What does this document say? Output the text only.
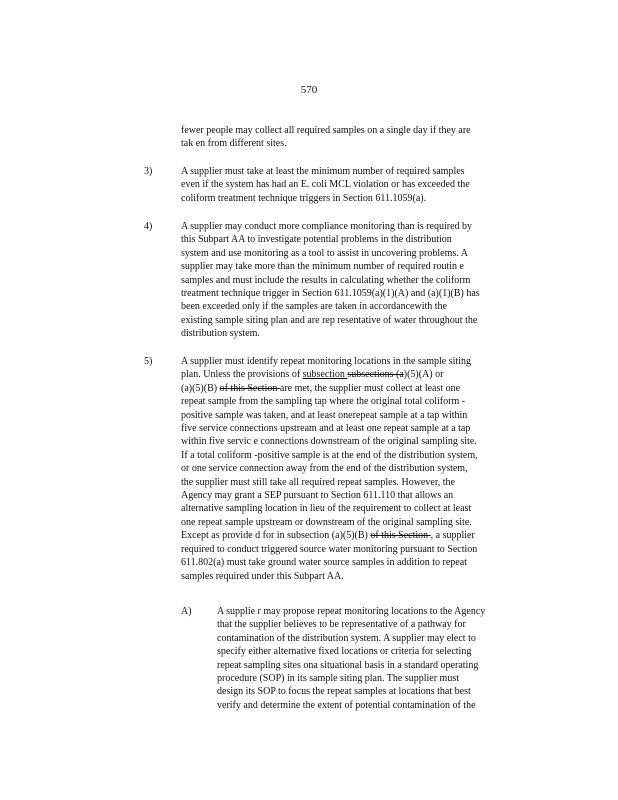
570
fewer people may collect all required samples on a single day if they are
tak en from different sites.
3)	A supplier must take at least the minimum number of required samples
even if the system has had an E. coli MCL violation or has exceeded the
coliform treatment technique triggers in Section 611.1059(a).
4)	A supplier may conduct more compliance monitoring than is required by
this Subpart AA to investigate potential problems in the distribution
system and use monitoring as a tool to assist in uncovering problems. A
supplier may take more than the minimum number of required routin e
samples and must include the results in calculating whether the coliform
treatment technique trigger in Section 611.1059(a)(1)(A) and (a)(1)(B) has
been exceeded only if the samples are taken in accordancewith the
existing sample siting plan and are rep resentative of water throughout the
distribution system.
5)	A supplier must identify repeat monitoring locations in the sample siting
plan. Unless the provisions of subsection subsections (a)(5)(A) or
(a)(5)(B) of this Section are met, the supplier must collect at least one
repeat sample from the sampling tap where the original total coliform -
positive sample was taken, and at least onerepeat sample at a tap within
five service connections upstream and at least one repeat sample at a tap
within five servic e connections downstream of the original sampling site.
If a total coliform -positive sample is at the end of the distribution system,
or one service connection away from the end of the distribution system,
the supplier must still take all required repeat samples. However, the
Agency may grant a SEP pursuant to Section 611.110 that allows an
alternative sampling location in lieu of the requirement to collect at least
one repeat sample upstream or downstream of the original sampling site.
Except as provide d for in subsection (a)(5)(B) of this Section , a supplier
required to conduct triggered source water monitoring pursuant to Section
611.802(a) must take ground water source samples in addition to repeat
samples required under this Subpart AA.
A)	A supplie r may propose repeat monitoring locations to the Agency
that the supplier believes to be representative of a pathway for
contamination of the distribution system. A supplier may elect to
specify either alternative fixed locations or criteria for selecting
repeat sampling sites ona situational basis in a standard operating
procedure (SOP) in its sample siting plan. The supplier must
design its SOP to focus the repeat samples at locations that best
verify and determine the extent of potential contamination of the
